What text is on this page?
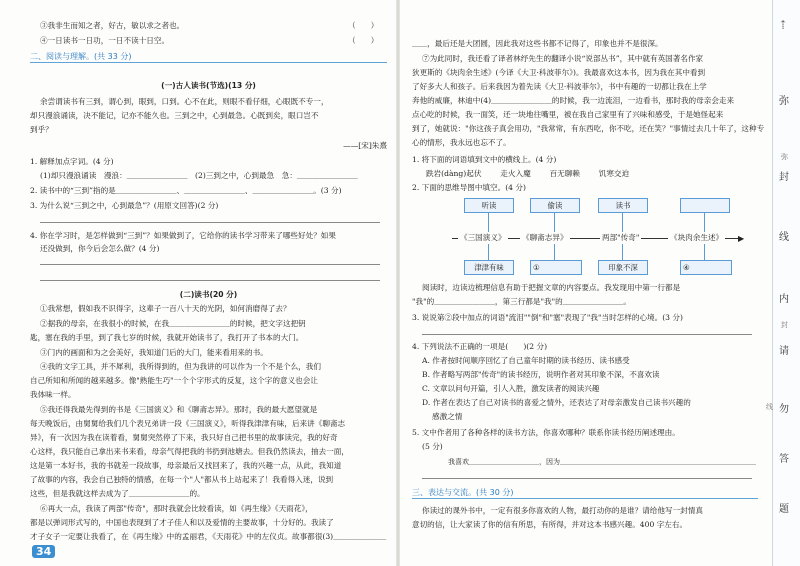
③我非生而知之者，好古，敏以求之者也。	（　　）
④一日读书一日功，一日不读十日空。	（　　）
二、阅读与理解。(共 33 分)
(一)古人读书(节选)(13 分)
余尝谓读书有三到，谓心到，眼到，口到。心不在此，则眼不看仔细，心眼既不专一，
却只漫浪诵读，决不能记，记亦不能久也。三到之中，心到最急。心既到矣，眼口岂不
到乎？
——[宋]朱熹
1. 解释加点字词。(4 分)
(1)却只漫浪诵读　漫浪：＿＿＿＿＿＿＿＿　(2)三到之中，心到最急　急：＿＿＿＿＿＿＿＿
2. 读书中的“三到”指的是＿＿＿＿＿＿＿＿、＿＿＿＿＿＿＿＿、＿＿＿＿＿＿＿＿。(3 分)
3. 为什么说“三到之中，心到最急”？(用原文回答)(2 分)
4. 你在学习时，是怎样做到“三到”？如果做到了，它给你的读书学习带来了哪些好处？如果
还没做到，你今后会怎么做？(4 分)
(二)读书(20 分)
①我常想，假如我不识得字，这辈子一百八十天的光阴，如何消磨得了去？
②据我的母亲，在我很小的时候，在我＿＿＿＿＿＿＿＿的时候，把文字这把钥
匙，塞在我的手里，到了我七岁的时候，我就开始读书了，我打开了书本的大门。
③门内的画面和为之会美好，我知道门后的大门，能来看用来的书。
④我的文字工具，并不犀利，我所得到的，但为我讲的可以作为一个不是个么，我们
自己所知和所闻的越来越多。像"熟能生巧"一个个字形式的反复，这个字的意义也会让
我体味一样。
⑤我还得我最先得到的书是《三国演义》和《聊斋志异》。那时，我的最大愿望就是
每天晚饭后，由舅舅给我们几个表兄弟讲一段《三国演义》，听得我津津有味，后来讲《聊斋志
异》，有一次因为我在读着看，舅舅突然停了下来，我只好自己把书里的故事读完，我的好奇
心这样，我只能自己拿出来书来看，母亲气得把我的书扔到池塘去。但我仍然读去，抽去一面，
这是第一本好书，我的书就差一段故事，母亲最后又找回来了，我的兴趣一点，从此，我知道
了故事的内容，我会自己独特的情感，在每一个"人"都从书上站起来了！我看得入迷，说到
这些，但是我就这样去成为了＿＿＿＿＿＿＿＿的。
⑥再大一点，我读了两部"传奇"，那时我就会比较看读，如《再生缘》《天雨花》，
都是以弹词形式写的，中国也表现到了才子佳人和以及爱情的主要故事，十分好的。我读了
才子女子一定要让我看了，在《再生缘》中的孟丽君，《天雨花》中的左仪贞。故事都很(3)＿＿＿＿＿＿＿
34
＿＿，最后还是大团圆，因此我对这些书都不记得了，印象也并不是很深。
⑦为此同时，我还看了译者林纾先生的翻译小说“说部丛书”，其中就有英国著名作家
狄更斯的《块肉余生述》(今译《大卫·科波菲尔》)。我最喜欢这本书，因为我在其中看到
了好多大人和孩子。后来我因为着先读《大卫·科波菲尔》，书中有趣的一切都让我在上学
奔他的威廉，林迪中(4)＿＿＿＿＿＿＿＿的时候，我一边流泪，一边看书，那时我的母亲会走来
点心吃的时候，我一面笑，还一块地往嘴里，被在我自己家里有了兴味和感受，于是她怪起来
到了，她就说："你这孩子真会用功，"我常常，有东西吃，你不吃，还在笑？"事情过去几十年了，这种专
心的情形，我永远也忘不了。
1. 将下面的词语填到文中的横线上。(4 分)
跌岩(dàng)起伏 走火入魔 百无聊赖 饥寒交迫
2. 下面的思维导图中填空。(4 分)
听读	偷读	读书
▶
《三国演义》 《聊斋志异》	两部"传奇"	《块肉余生述》
津津有味	①	印象不深	④
阅读时，边读边梳理信息有助于把握文章的内容要点。我发现用中第一行都是
"我"的＿＿＿＿＿＿＿＿，第三行都是"我"的＿＿＿＿＿＿＿＿。
3. 说说第②段中加点的词语"流泪""倒"和"塞"表现了"我"当时怎样的心境。(3 分)
4. 下列说法不正确的一项是(　　)(2 分)
A. 作者按时间顺序回忆了自己童年时期的读书经历、读书感受
B. 作者略写两部"传奇"的读书经历，说明作者对其印象不深，不喜欢读
C. 文章以问句开篇，引人入胜，激发读者的阅读兴趣
D. 作者在表达了自己对读书的喜爱之情外，还表达了对母亲激发自己读书兴趣的
　 感激之情
5. 文中作者用了各种各样的读书方法，你喜欢哪种？联系你读书经历阐述理由。
(5 分)
我喜欢＿＿＿＿＿＿＿＿＿＿，因为＿＿＿＿＿＿＿＿＿＿＿＿＿＿＿＿＿＿＿＿＿＿＿＿＿＿＿＿
三、表达与交流。(共 30 分)
你读过的课外书中，一定有很多你喜欢的人物，最打动你的是谁？请给他写一封情真
意切的信，让大家读了你的信有所思，有所得，并对这本书感兴趣。400 字左右。
⇡
弥
弥
封
线
内
封
请
勿
线
答
题
